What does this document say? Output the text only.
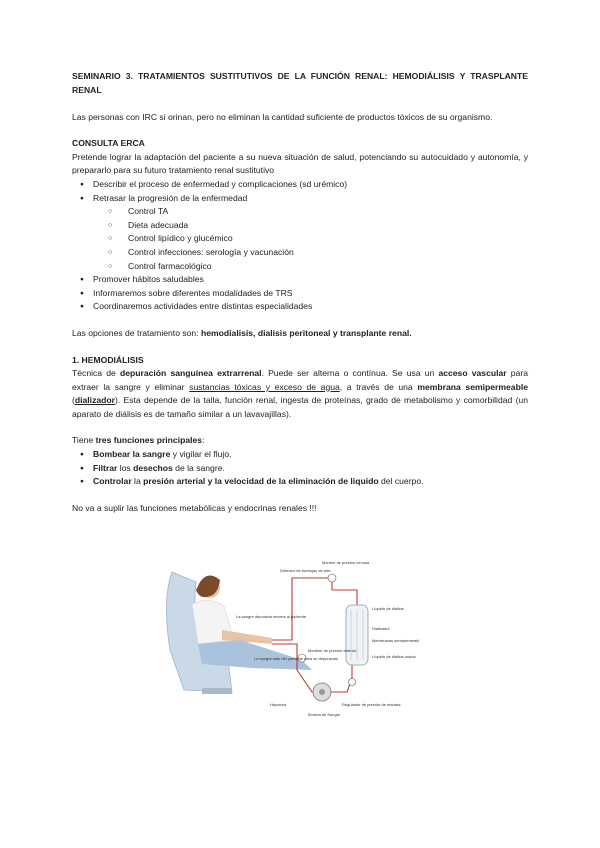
SEMINARIO 3. TRATAMIENTOS SUSTITUTIVOS DE LA FUNCIÓN RENAL: HEMODIÁLISIS Y TRASPLANTE RENAL

Las personas con IRC si orinan, pero no eliminan la cantidad suficiente de productos tóxicos de su organismo.

CONSULTA ERCA

Pretende lograr la adaptación del paciente a su nueva situación de salud, potenciando su autocuidado y autonomía, y prepararlo para su futuro tratamiento renal sustitutivo

● Describir el proceso de enfermedad y complicaciones (sd urémico)
● Retrasar la progresión de la enfermedad
○ Control TA
○ Dieta adecuada
○ Control lipídico y glucémico
○ Control infecciones: serología y vacunación
○ Control farmacológico
● Promover hábitos saludables
● Informaremos sobre diferentes modalidades de TRS
● Coordinaremos actividades entre distintas especialidades

Las opciones de tratamiento son: hemodialisis, dialisis peritoneal y transplante renal.

1. HEMODIÁLISIS

Técnica de depuración sanguínea extrarrenal. Puede ser alterna o contínua. Se usa un acceso vascular para extraer la sangre y eliminar sustancias tóxicas y exceso de agua, a través de una membrana semipermeable (dializador). Esta depende de la talla, función renal, ingesta de proteínas, grado de metabolismo y comorbilidad (un aparato de diálisis es de tamaño similar a un lavavajillas).

Tiene tres funciones principales:

● Bombear la sangre y vigilar el flujo.
● Filtrar los desechos de la sangre.
● Controlar la presión arterial y la velocidad de la eliminación de líquido del cuerpo.

No va a suplir las funciones metabólicas y endocrinas renales !!!

Monitor de presión venosa
Detector de burbujas de aire
La sangre depurada retorna al paciente
La sangre sale del paciente para su depuración
Medidor de presión arterial
Heparina
Bomba de Sangre
Regulador de presión de entrada
Líquido de diálisis
Dializador
Membranas semipermeables
Líquido de diálisis usado
